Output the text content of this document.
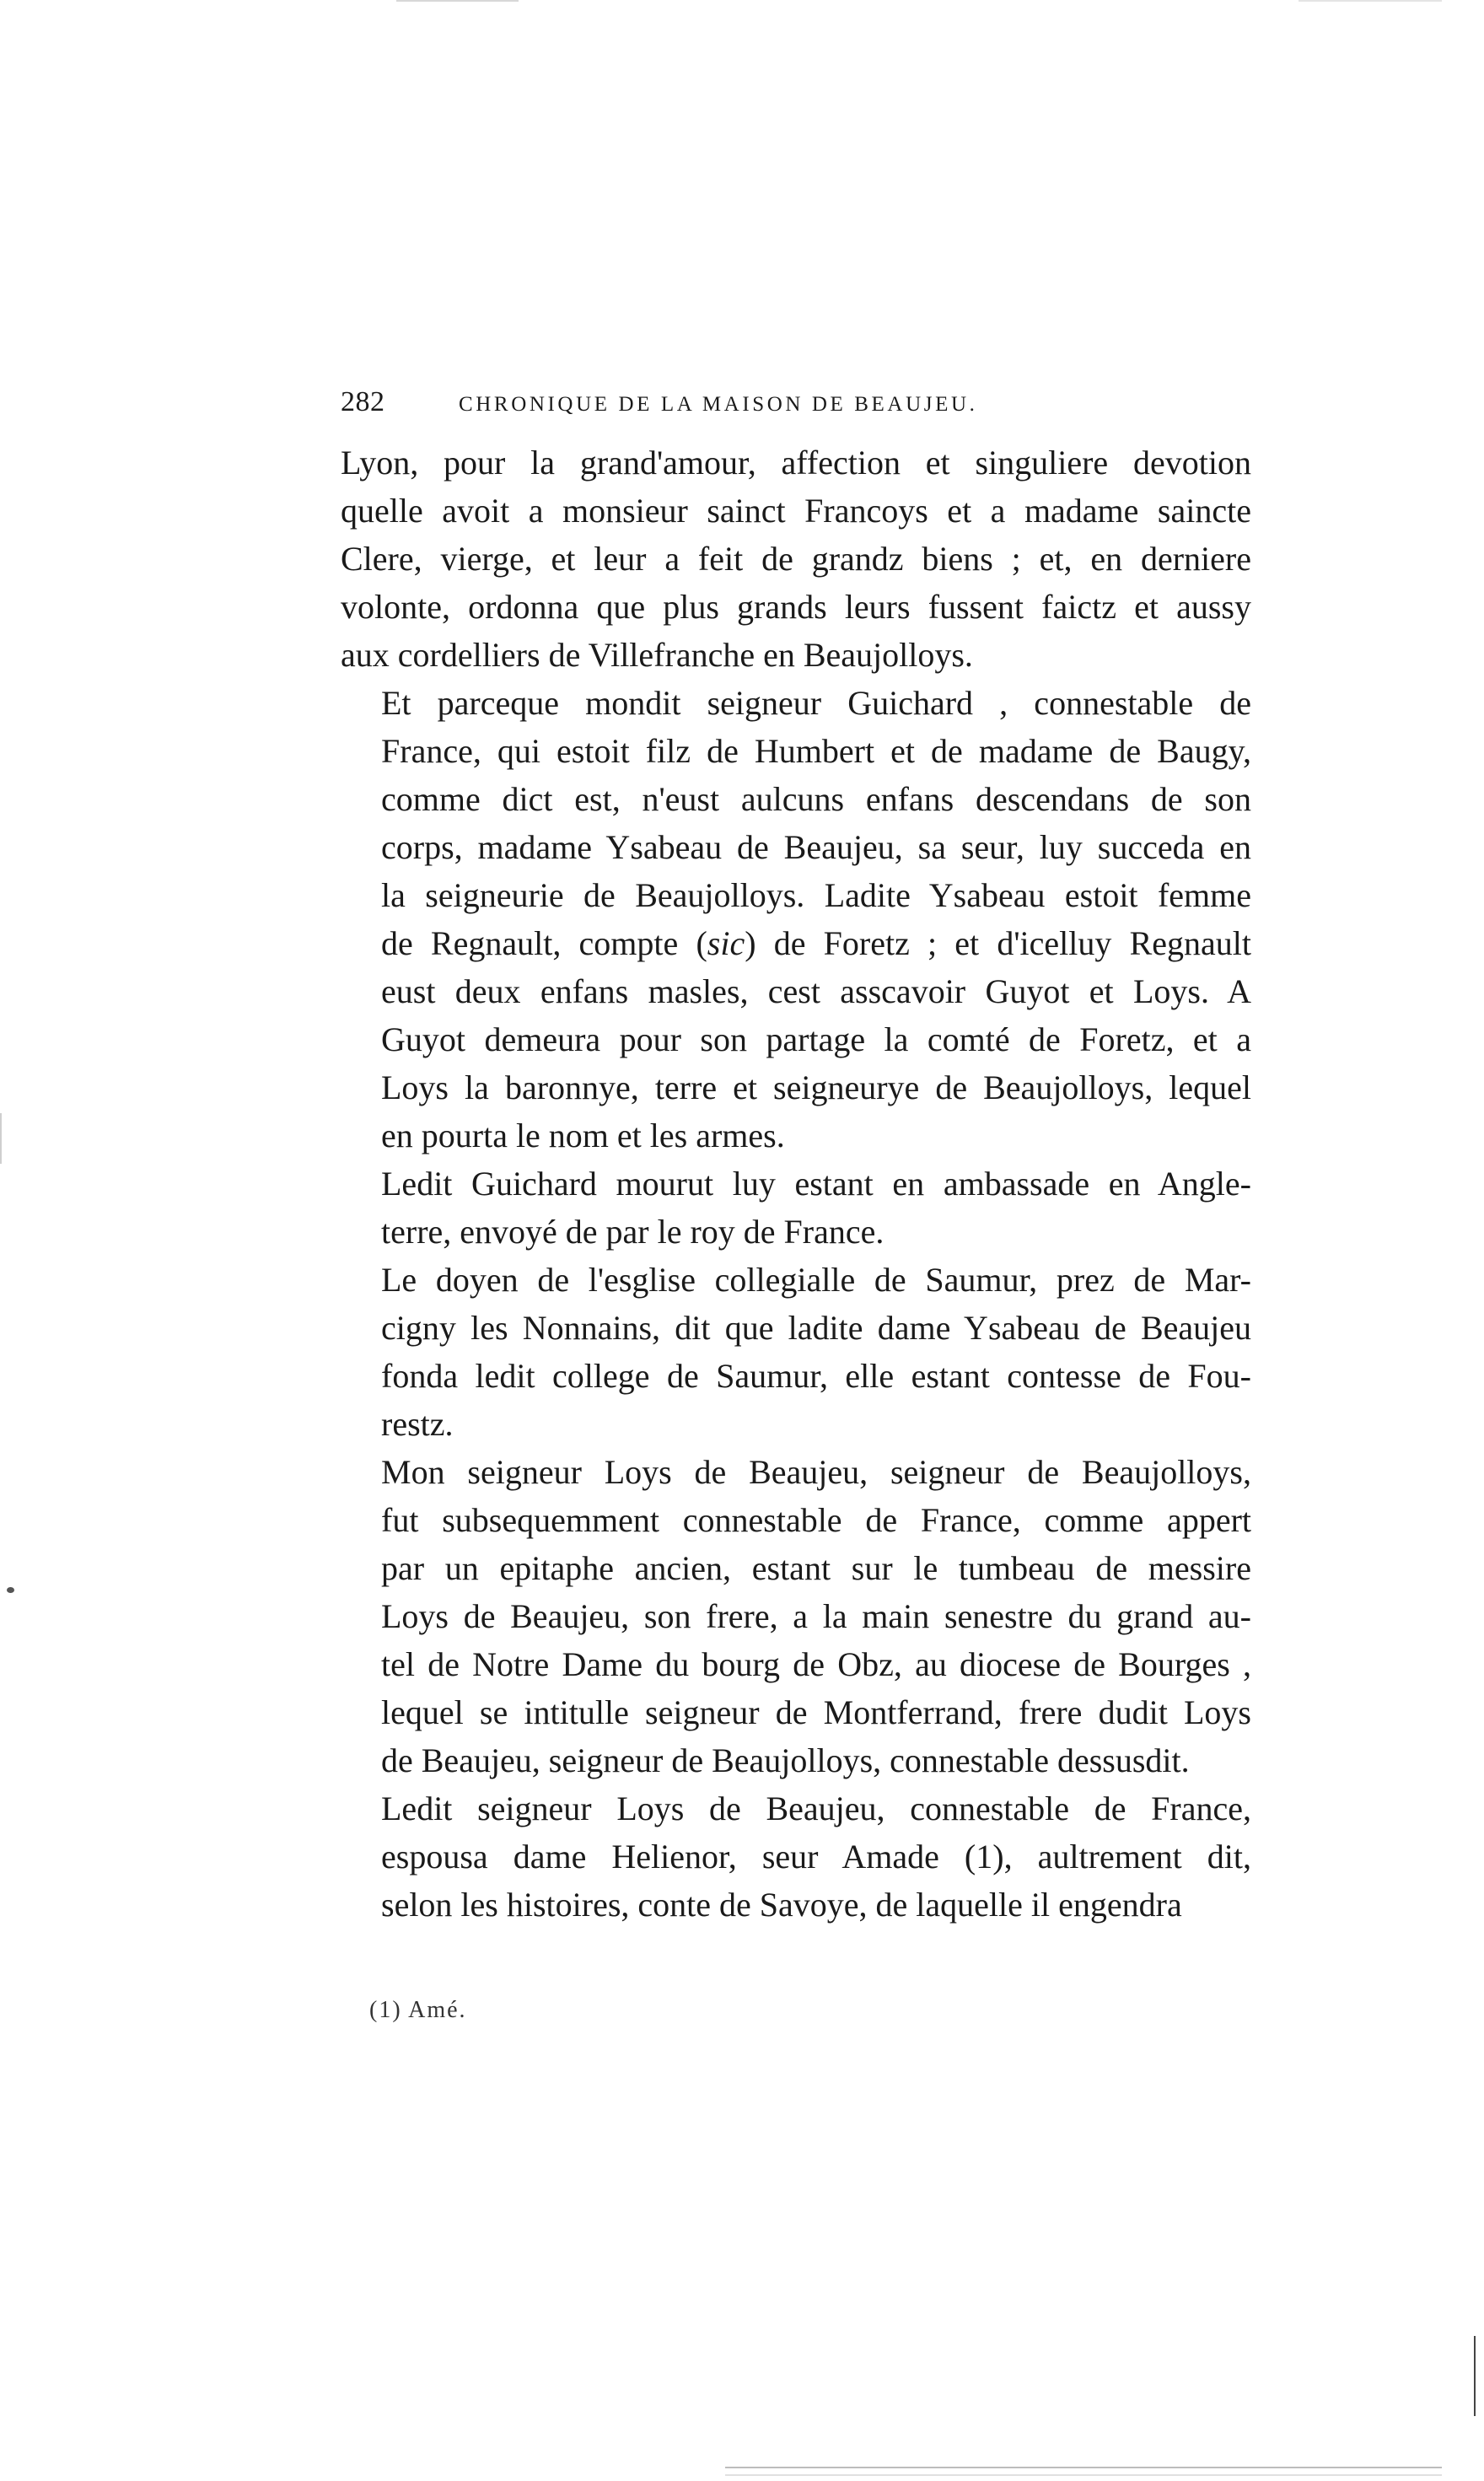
282	CHRONIQUE DE LA MAISON DE BEAUJEU.

Lyon, pour la grand'amour, affection et singuliere devotion
quelle avoit a monsieur sainct Francoys et a madame saincte
Clere, vierge, et leur a feit de grandz biens ; et, en derniere
volonte, ordonna que plus grands leurs fussent faictz et aussy
aux cordelliers de Villefranche en Beaujolloys.

Et parceque mondit seigneur Guichard , connestable de
France, qui estoit filz de Humbert et de madame de Baugy,
comme dict est, n'eust aulcuns enfans descendans de son
corps, madame Ysabeau de Beaujeu, sa seur, luy succeda en
la seigneurie de Beaujolloys. Ladite Ysabeau estoit femme
de Regnault, compte (sic) de Foretz ; et d'icelluy Regnault
eust deux enfans masles, cest asscavoir Guyot et Loys. A
Guyot demeura pour son partage la comté de Foretz, et a
Loys la baronnye, terre et seigneurye de Beaujolloys, lequel
en pourta le nom et les armes.

Ledit Guichard mourut luy estant en ambassade en Angle-
terre, envoyé de par le roy de France.

Le doyen de l'esglise collegialle de Saumur, prez de Mar-
cigny les Nonnains, dit que ladite dame Ysabeau de Beaujeu
fonda ledit college de Saumur, elle estant contesse de Fou-
restz.

Mon seigneur Loys de Beaujeu, seigneur de Beaujolloys,
fut subsequemment connestable de France, comme appert
par un epitaphe ancien, estant sur le tumbeau de messire
Loys de Beaujeu, son frere, a la main senestre du grand au-
tel de Notre Dame du bourg de Obz, au diocese de Bourges ,
lequel se intitulle seigneur de Montferrand, frere dudit Loys
de Beaujeu, seigneur de Beaujolloys, connestable dessusdit.

Ledit seigneur Loys de Beaujeu, connestable de France,
espousa dame Helienor, seur Amade (1), aultrement dit,
selon les histoires, conte de Savoye, de laquelle il engendra

(1) Amé.
